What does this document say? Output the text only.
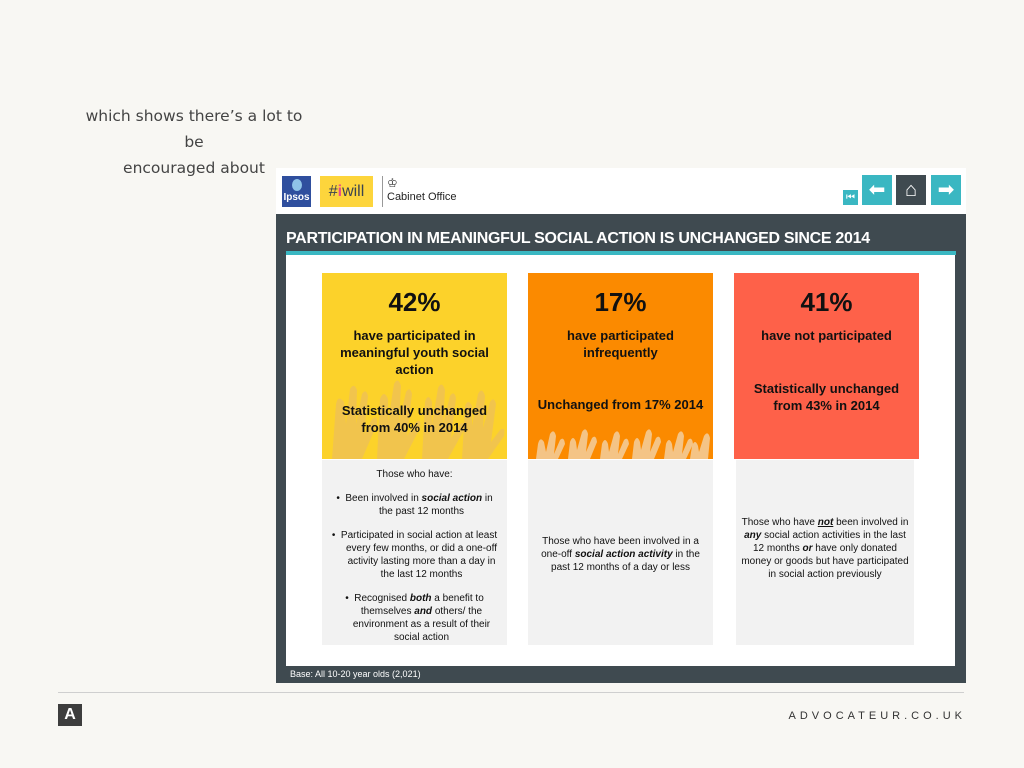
which shows there’s a lot to be
encouraged about
Ipsos	#iwill	♔
Cabinet Office	⏮ ⬅ ⌂	➡
PARTICIPATION IN MEANINGFUL SOCIAL ACTION IS UNCHANGED SINCE 2014
42%
have participated in meaningful youth social action
Statistically unchanged from 40% in 2014
17%
have participated infrequently
Unchanged from 17% 2014
41%
have not participated
Statistically unchanged from 43% in 2014

Those who have:

•  Been involved in social action in the past 12 months

•  Participated in social action at least every few months, or did a one-off activity lasting more than a day in the last 12 months

•  Recognised both a benefit to themselves and others/ the environment as a result of their social action

Those who have been involved in a one-off social action activity in the past 12 months of a day or less

Those who have not been involved in any social action activities in the last 12 months or have only donated money or goods but have participated in social action previously

Base: All 10-20 year olds (2,021)
A	ADVOCATEUR.CO.UK
